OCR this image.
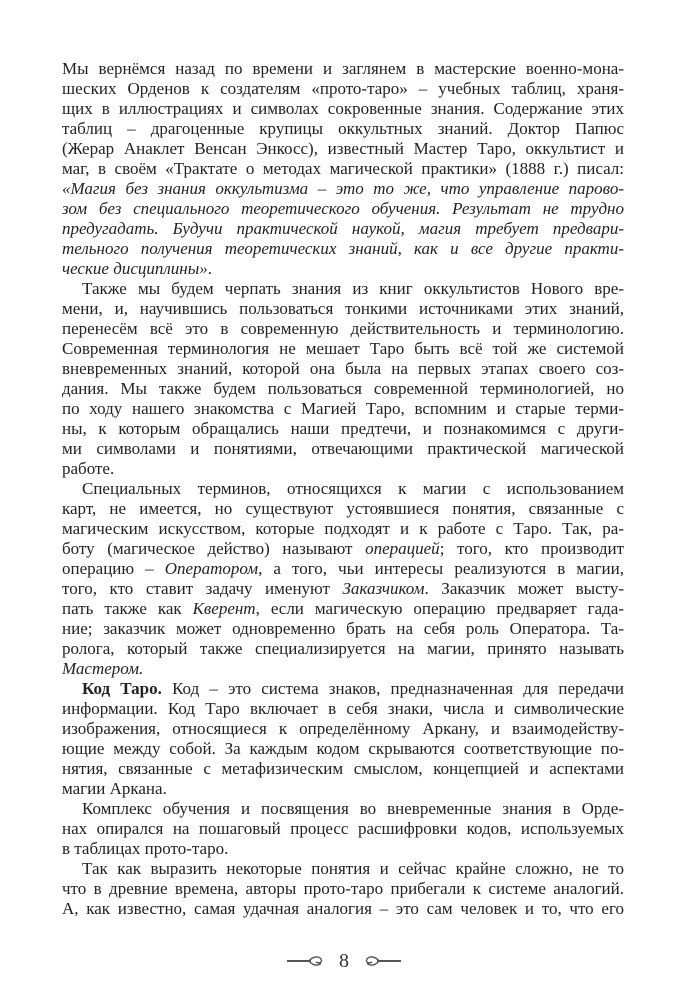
Мы вернёмся назад по времени и заглянем в мастерские военно-мона-
шеских Орденов к создателям «прото-таро» – учебных таблиц, храня-
щих в иллюстрациях и символах сокровенные знания. Содержание этих
таблиц – драгоценные крупицы оккультных знаний. Доктор Папюс
(Жерар Анаклет Венсан Энкосс), известный Мастер Таро, оккультист и
маг, в своём «Трактате о методах магической практики» (1888 г.) писал:
«Магия без знания оккультизма – это то же, что управление парово-
зом без специального теоретического обучения. Результат не трудно
предугадать. Будучи практической наукой, магия требует предвари-
тельного получения теоретических знаний, как и все другие практи-
ческие дисциплины».
Также мы будем черпать знания из книг оккультистов Нового вре-
мени, и, научившись пользоваться тонкими источниками этих знаний,
перенесём всё это в современную действительность и терминологию.
Современная терминология не мешает Таро быть всё той же системой
вневременных знаний, которой она была на первых этапах своего соз-
дания. Мы также будем пользоваться современной терминологией, но
по ходу нашего знакомства с Магией Таро, вспомним и старые терми-
ны, к которым обращались наши предтечи, и познакомимся с други-
ми символами и понятиями, отвечающими практической магической
работе.
Специальных терминов, относящихся к магии с использованием
карт, не имеется, но существуют устоявшиеся понятия, связанные с
магическим искусством, которые подходят и к работе с Таро. Так, ра-
боту (магическое действо) называют операцией; того, кто производит
операцию – Оператором, а того, чьи интересы реализуются в магии,
того, кто ставит задачу именуют Заказчиком. Заказчик может высту-
пать также как Кверент, если магическую операцию предваряет гада-
ние; заказчик может одновременно брать на себя роль Оператора. Та-
ролога, который также специализируется на магии, принято называть
Мастером.
Код Таро. Код – это система знаков, предназначенная для передачи
информации. Код Таро включает в себя знаки, числа и символические
изображения, относящиеся к определённому Аркану, и взаимодейству-
ющие между собой. За каждым кодом скрываются соответствующие по-
нятия, связанные с метафизическим смыслом, концепцией и аспектами
магии Аркана.
Комплекс обучения и посвящения во вневременные знания в Орде-
нах опирался на пошаговый процесс расшифровки кодов, используемых
в таблицах прото-таро.
Так как выразить некоторые понятия и сейчас крайне сложно, не то
что в древние времена, авторы прото-таро прибегали к системе аналогий.
А, как известно, самая удачная аналогия – это сам человек и то, что его
8
